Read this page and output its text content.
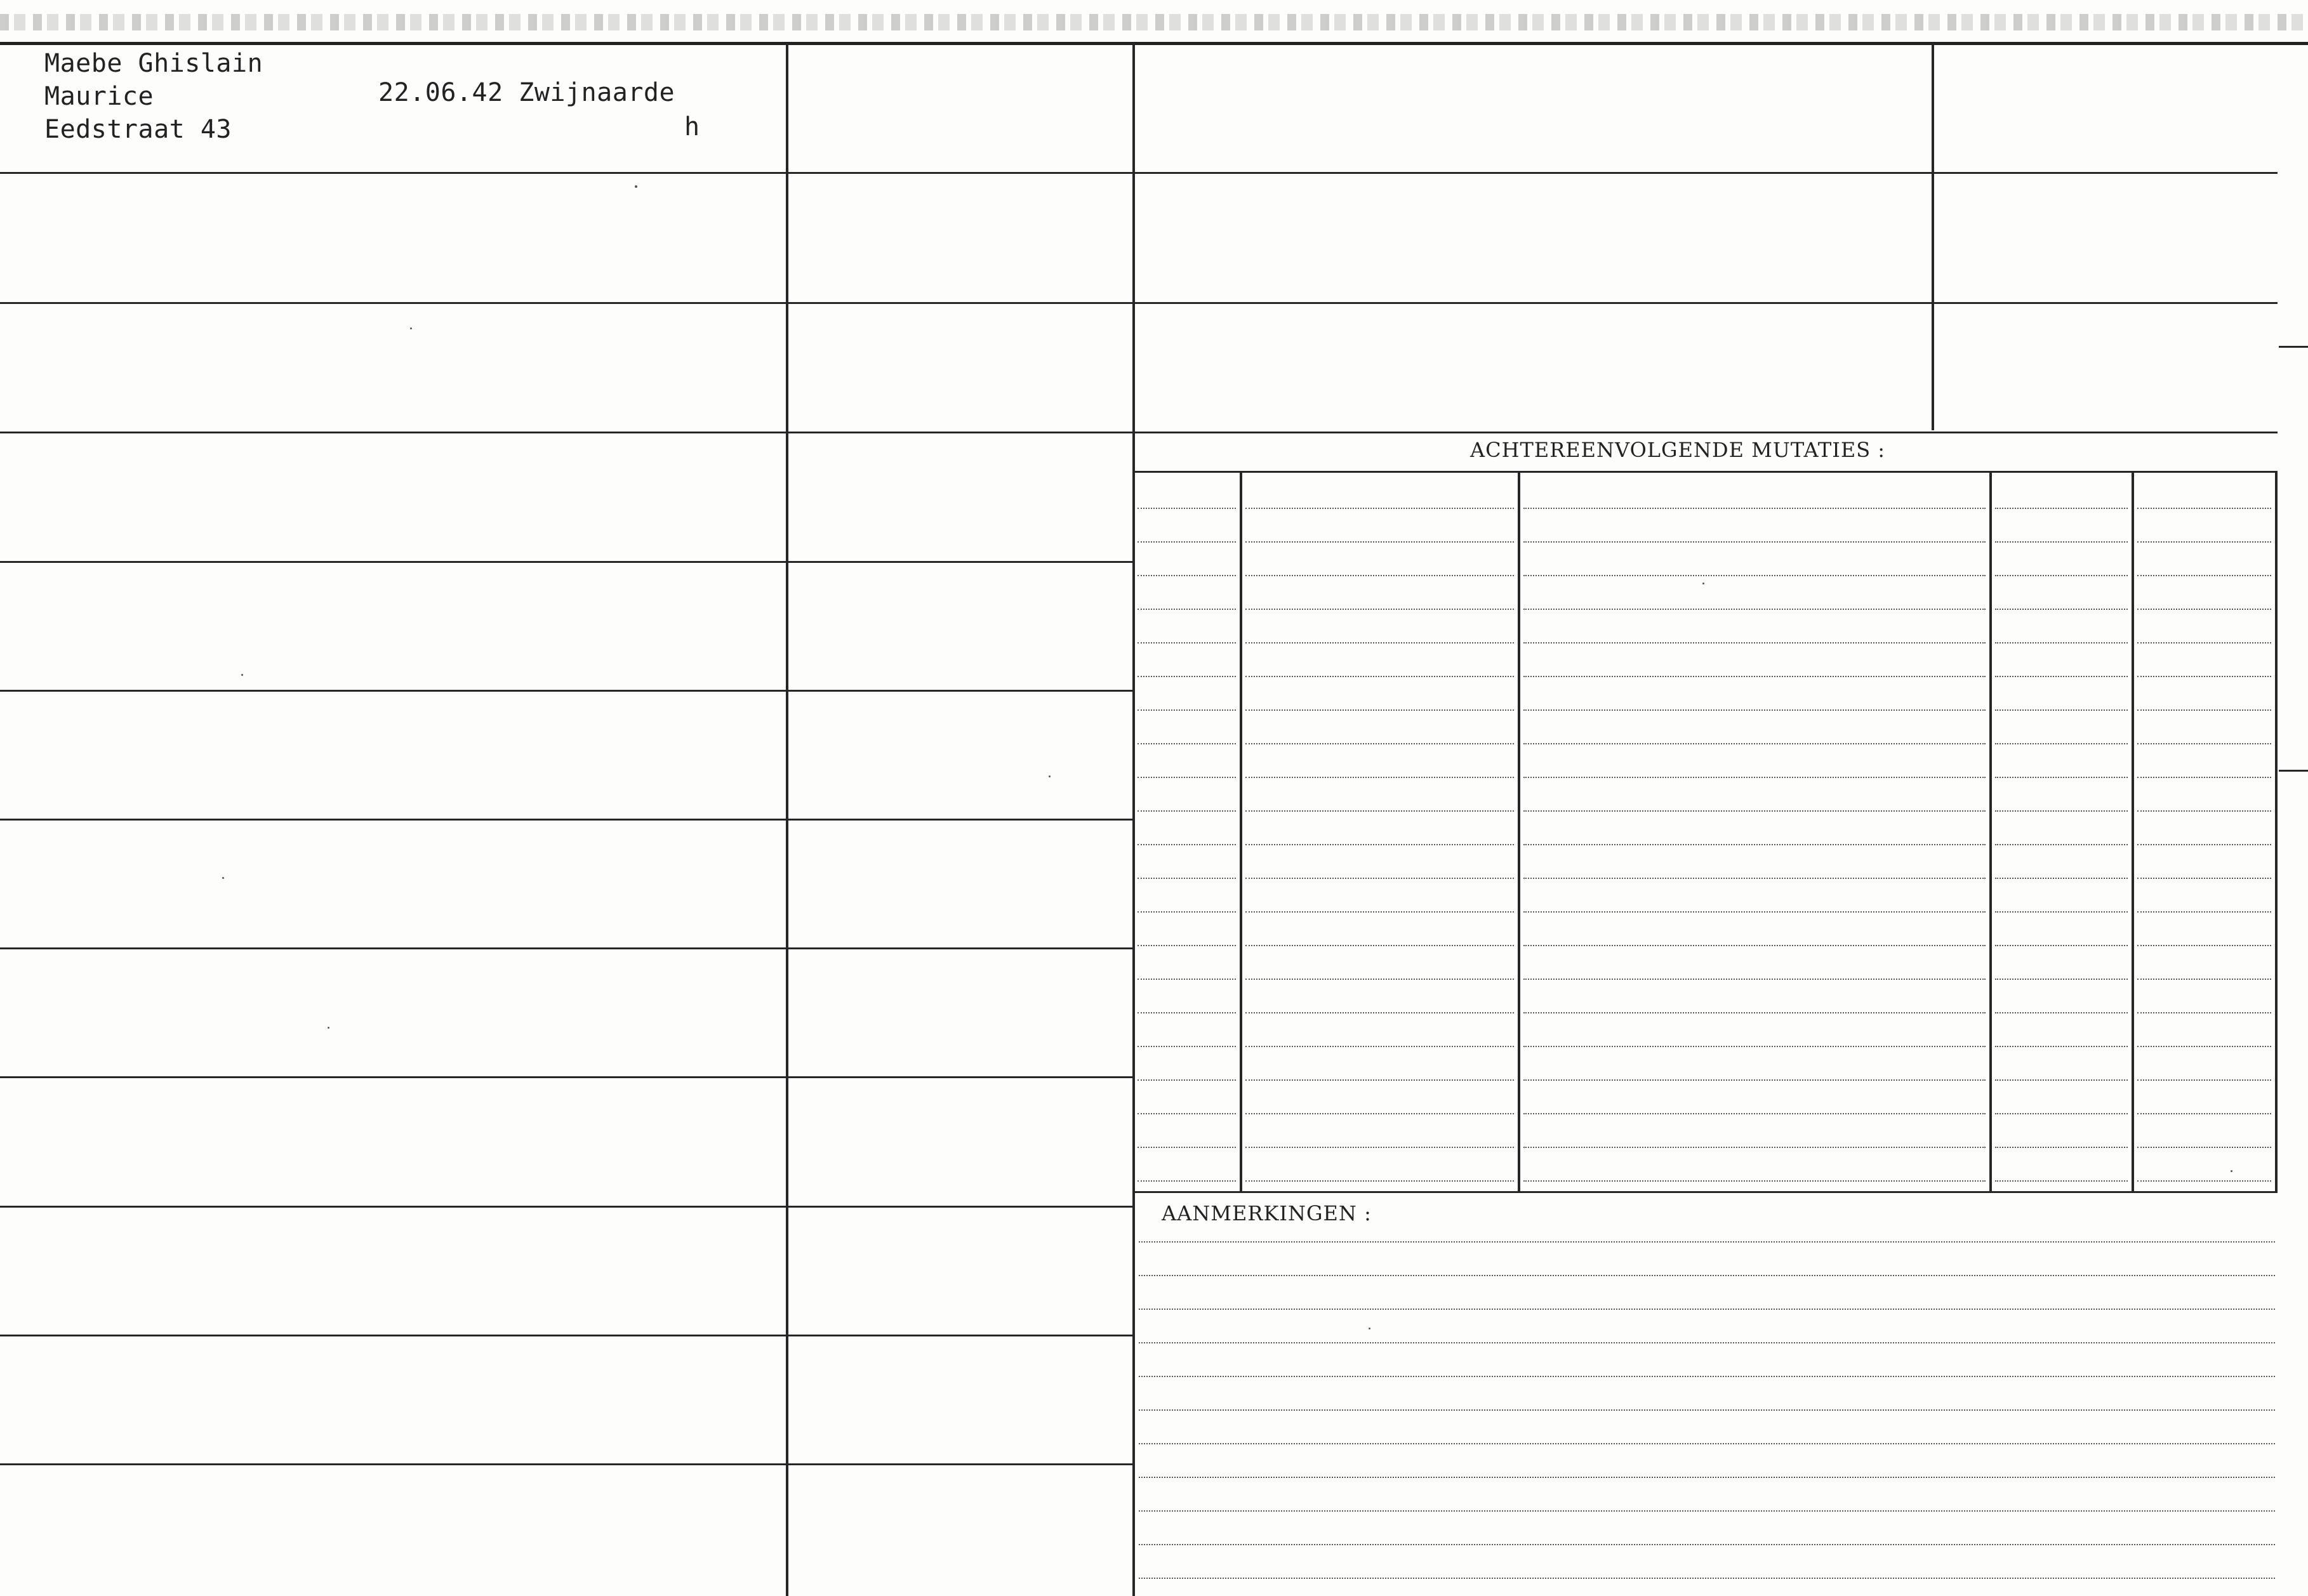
Maebe Ghislain
Maurice
Eedstraat 43
22.06.42 Zwijnaarde
h
ACHTEREENVOLGENDE MUTATIES :
AANMERKINGEN :
